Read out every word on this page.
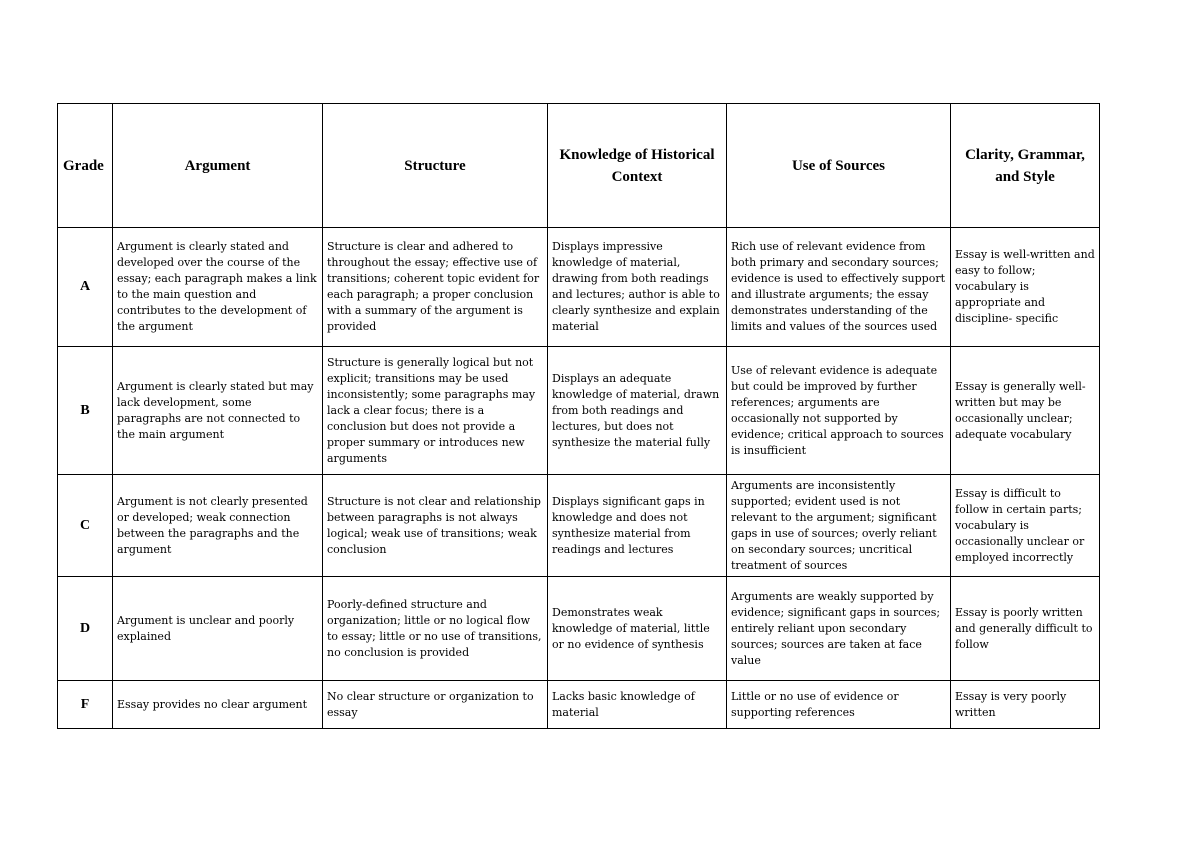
Grade	Argument	Structure	Knowledge of Historical Context	Use of Sources	Clarity, Grammar, and Style
A	Argument is clearly stated and developed over the course of the essay; each paragraph makes a link to the main question and contributes to the development of the argument	Structure is clear and adhered to throughout the essay; effective use of transitions; coherent topic evident for each paragraph; a proper conclusion with a summary of the argument is provided	Displays impressive knowledge of material, drawing from both readings and lectures; author is able to clearly synthesize and explain material	Rich use of relevant evidence from both primary and secondary sources; evidence is used to effectively support and illustrate arguments; the essay demonstrates understanding of the limits and values of the sources used	Essay is well-written and easy to follow; vocabulary is appropriate and discipline- specific
B	Argument is clearly stated but may lack development, some paragraphs are not connected to the main argument	Structure is generally logical but not explicit; transitions may be used inconsistently; some paragraphs may lack a clear focus; there is a conclusion but does not provide a proper summary or introduces new arguments	Displays an adequate knowledge of material, drawn from both readings and lectures, but does not synthesize the material fully	Use of relevant evidence is adequate but could be improved by further references; arguments are occasionally not supported by evidence; critical approach to sources is insufficient	Essay is generally well-written but may be occasionally unclear; adequate vocabulary
C	Argument is not clearly presented or developed; weak connection between the paragraphs and the argument	Structure is not clear and relationship between paragraphs is not always logical; weak use of transitions; weak conclusion	Displays significant gaps in knowledge and does not synthesize material from readings and lectures	Arguments are inconsistently supported; evident used is not relevant to the argument; significant gaps in use of sources; overly reliant on secondary sources; uncritical treatment of sources	Essay is difficult to follow in certain parts; vocabulary is occasionally unclear or employed incorrectly
D	Argument is unclear and poorly explained	Poorly-defined structure and organization; little or no logical flow to essay; little or no use of transitions, no conclusion is provided	Demonstrates weak knowledge of material, little or no evidence of synthesis	Arguments are weakly supported by evidence; significant gaps in sources; entirely reliant upon secondary sources; sources are taken at face value	Essay is poorly written and generally difficult to follow
F	Essay provides no clear argument	No clear structure or organization to essay	Lacks basic knowledge of material	Little or no use of evidence or supporting references	Essay is very poorly written
